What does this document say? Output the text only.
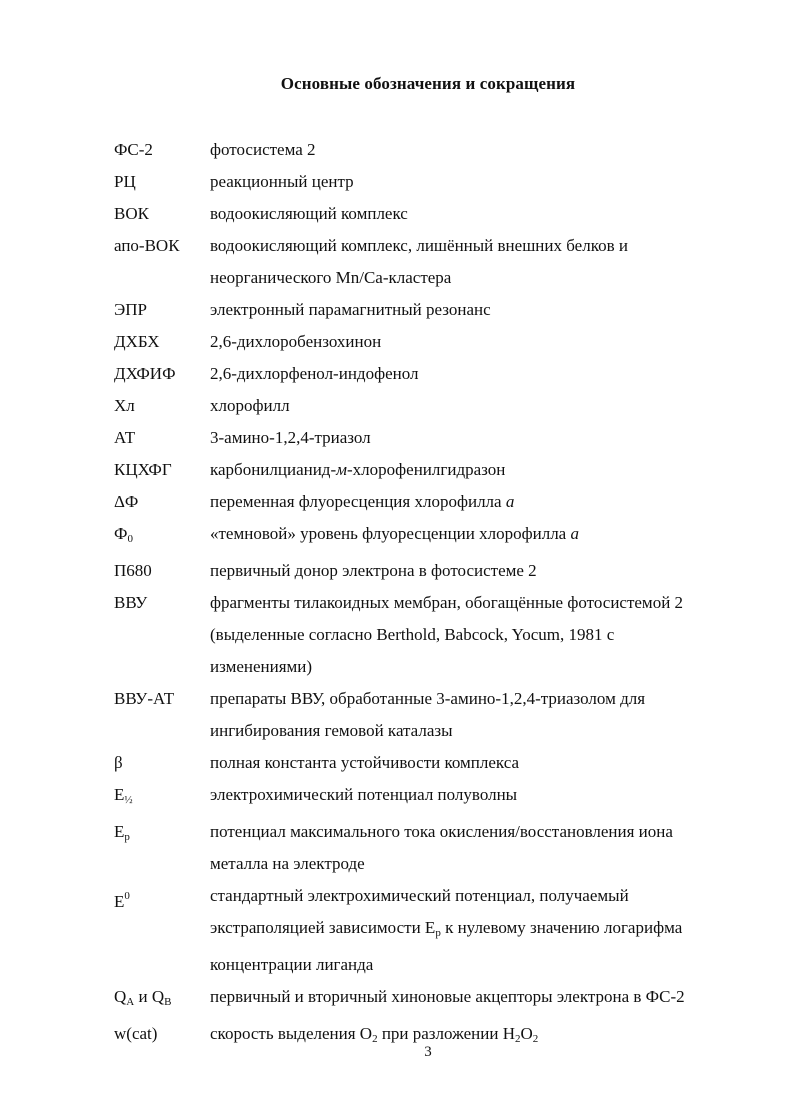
Основные обозначения и сокращения
ФС-2	фотосистема 2
РЦ	реакционный центр
ВОК	водоокисляющий комплекс
апо-ВОК	водоокисляющий комплекс, лишённый внешних белков и
неорганического Mn/Ca-кластера
ЭПР	электронный парамагнитный резонанс
ДХБХ	2,6-дихлоробензохинон
ДХФИФ	2,6-дихлорфенол-индофенол
Хл	хлорофилл
АТ	3-амино-1,2,4-триазол
КЦХФГ	карбонилцианид-м-хлорофенилгидразон
ΔФ	переменная флуоресценция хлорофилла a
$Ф_0$	«темновой» уровень флуоресценции хлорофилла a
П680	первичный донор электрона в фотосистеме 2
ВВУ	фрагменты тилакоидных мембран, обогащённые фотосистемой 2
(выделенные согласно Berthold, Babcock, Yocum, 1981 с
изменениями)
ВВУ-АТ	препараты ВВУ, обработанные 3-амино-1,2,4-триазолом для
ингибирования гемовой каталазы
β	полная константа устойчивости комплекса
$E_{\frac{1}{2}}$	электрохимический потенциал полуволны
$E_p$	потенциал максимального тока окисления/восстановления иона
металла на электроде
$E^0$	стандартный электрохимический потенциал, получаемый
экстраполяцией зависимости $E_p$ к нулевому значению логарифма
концентрации лиганда
$Q_A$ и $Q_B$	первичный и вторичный хиноновые акцепторы электрона в ФС-2
w(cat)	скорость выделения $O_2$ при разложении $H_2O_2$
3
